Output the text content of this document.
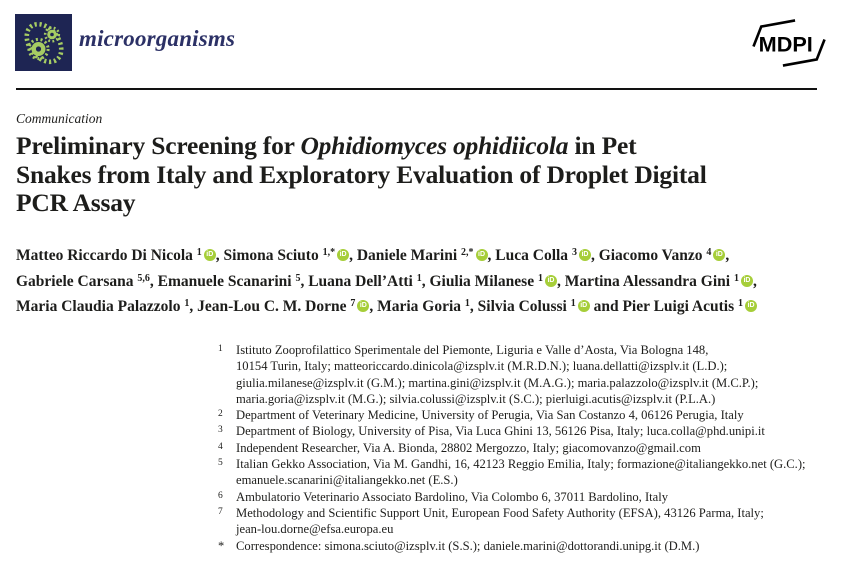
microorganisms	MDPI
Communication
Preliminary Screening for Ophidiomyces ophidiicola in Pet
Snakes from Italy and Exploratory Evaluation of Droplet Digital
PCR Assay
Matteo Riccardo Di Nicola $^1$ iD , Simona Sciuto $^{1,*}$ iD , Daniele Marini $^{2,*}$ iD , Luca Colla $^3$ iD , Giacomo Vanzo $^4$ iD ,
Gabriele Carsana $^{5,6}$, Emanuele Scanarini $^5$, Luana Dell’Atti $^1$, Giulia Milanese $^1$ iD , Martina Alessandra Gini $^1$ iD ,
Maria Claudia Palazzolo $^1$, Jean-Lou C. M. Dorne $^7$ iD , Maria Goria $^1$, Silvia Colussi $^1$ iD and Pier Luigi Acutis $^1$ iD
1	Istituto Zooprofilattico Sperimentale del Piemonte, Liguria e Valle d’Aosta, Via Bologna 148,
10154 Turin, Italy; matteoriccardo.dinicola@izsplv.it (M.R.D.N.); luana.dellatti@izsplv.it (L.D.);
giulia.milanese@izsplv.it (G.M.); martina.gini@izsplv.it (M.A.G.); maria.palazzolo@izsplv.it (M.C.P.);
maria.goria@izsplv.it (M.G.); silvia.colussi@izsplv.it (S.C.); pierluigi.acutis@izsplv.it (P.L.A.)
2	Department of Veterinary Medicine, University of Perugia, Via San Costanzo 4, 06126 Perugia, Italy
3	Department of Biology, University of Pisa, Via Luca Ghini 13, 56126 Pisa, Italy; luca.colla@phd.unipi.it
4	Independent Researcher, Via A. Bionda, 28802 Mergozzo, Italy; giacomovanzo@gmail.com
5	Italian Gekko Association, Via M. Gandhi, 16, 42123 Reggio Emilia, Italy; formazione@italiangekko.net (G.C.);
emanuele.scanarini@italiangekko.net (E.S.)
6	Ambulatorio Veterinario Associato Bardolino, Via Colombo 6, 37011 Bardolino, Italy
7	Methodology and Scientific Support Unit, European Food Safety Authority (EFSA), 43126 Parma, Italy;
jean-lou.dorne@efsa.europa.eu
* Correspondence: simona.sciuto@izsplv.it (S.S.); daniele.marini@dottorandi.unipg.it (D.M.)
